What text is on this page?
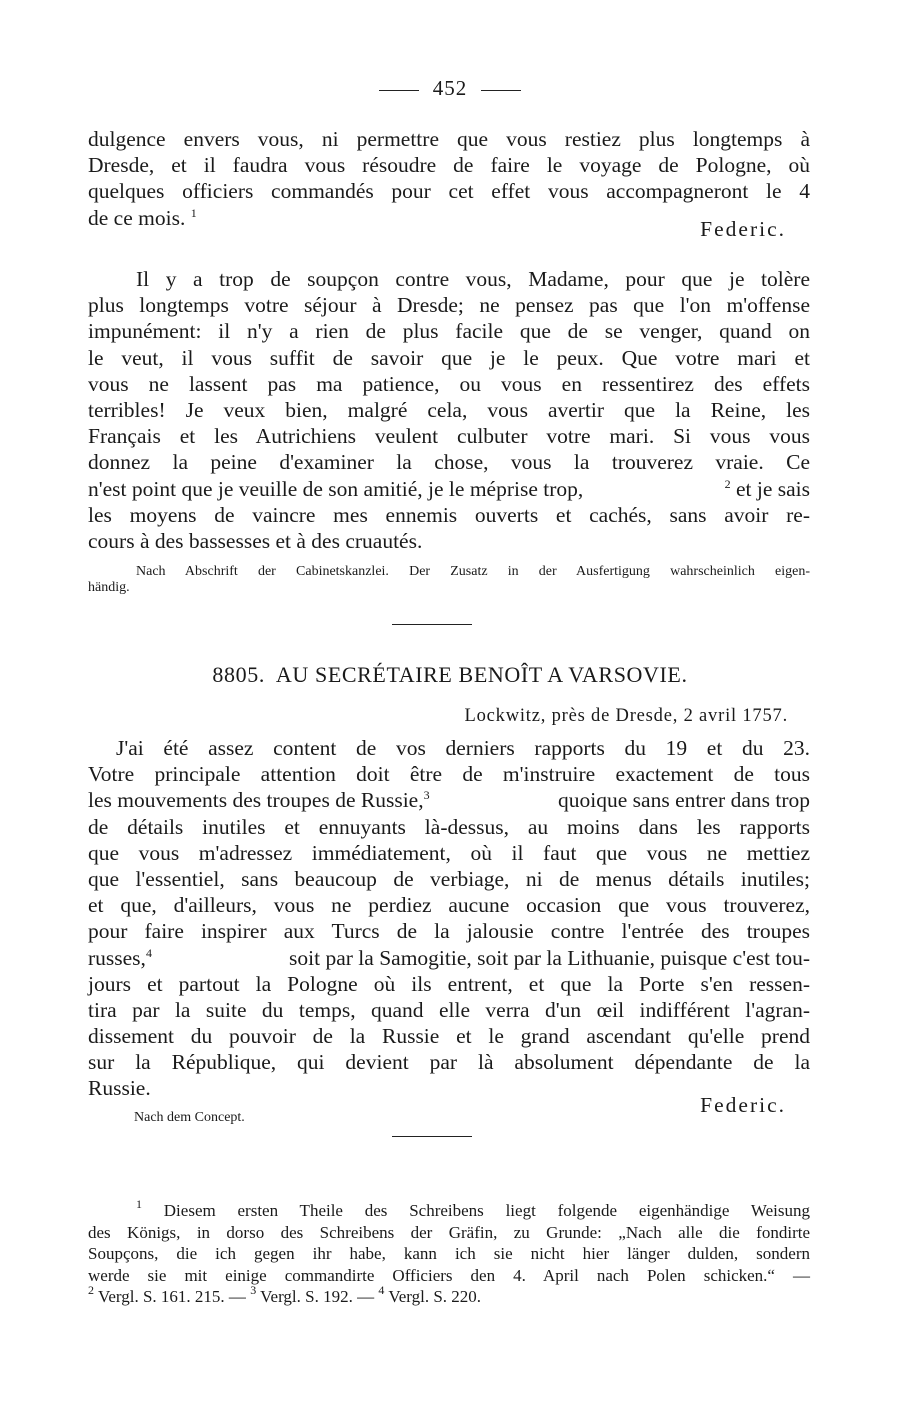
452
dulgence envers vous, ni permettre que vous restiez plus longtemps à
Dresde, et il faudra vous résoudre de faire le voyage de Pologne, où
quelques officiers commandés pour cet effet vous accompagneront le 4
de ce mois. $^1$
Federic.
Il y a trop de soupçon contre vous, Madame, pour que je tolère
plus longtemps votre séjour à Dresde; ne pensez pas que l'on m'offense
impunément: il n'y a rien de plus facile que de se venger, quand on
le veut, il vous suffit de savoir que je le peux. Que votre mari et
vous ne lassent pas ma patience, ou vous en ressentirez des effets
terribles! Je veux bien, malgré cela, vous avertir que la Reine, les
Français et les Autrichiens veulent culbuter votre mari. Si vous vous
donnez la peine d'examiner la chose, vous la trouverez vraie. Ce
n'est point que je veuille de son amitié, je le méprise trop,	$^2$ et je sais
les moyens de vaincre mes ennemis ouverts et cachés, sans avoir re-
cours à des bassesses et à des cruautés.
Nach Abschrift der Cabinetskanzlei. Der Zusatz in der Ausfertigung wahrscheinlich eigen-
händig.
8805. AU SECRÉTAIRE BENOÎT A VARSOVIE.
Lockwitz, près de Dresde, 2 avril 1757.
J'ai été assez content de vos derniers rapports du 19 et du 23.
Votre principale attention doit être de m'instruire exactement de tous
les mouvements des troupes de Russie,$^3$	quoique sans entrer dans trop
de détails inutiles et ennuyants là-dessus, au moins dans les rapports
que vous m'adressez immédiatement, où il faut que vous ne mettiez
que l'essentiel, sans beaucoup de verbiage, ni de menus détails inutiles;
et que, d'ailleurs, vous ne perdiez aucune occasion que vous trouverez,
pour faire inspirer aux Turcs de la jalousie contre l'entrée des troupes
russes,$^4$	soit par la Samogitie, soit par la Lithuanie, puisque c'est tou-
jours et partout la Pologne où ils entrent, et que la Porte s'en ressen-
tira par la suite du temps, quand elle verra d'un œil indifférent l'agran-
dissement du pouvoir de la Russie et le grand ascendant qu'elle prend
sur la République, qui devient par là absolument dépendante de la
Russie.
Federic.
Nach dem Concept.
$^1$ Diesem ersten Theile des Schreibens liegt folgende eigenhändige Weisung
des Königs, in dorso des Schreibens der Gräfin, zu Grunde: „Nach alle die fondirte
Soupçons, die ich gegen ihr habe, kann ich sie nicht hier länger dulden, sondern
werde sie mit einige commandirte Officiers den 4. April nach Polen schicken.“ —
$^2$ Vergl. S. 161. 215. — $^3$ Vergl. S. 192. — $^4$ Vergl. S. 220.
